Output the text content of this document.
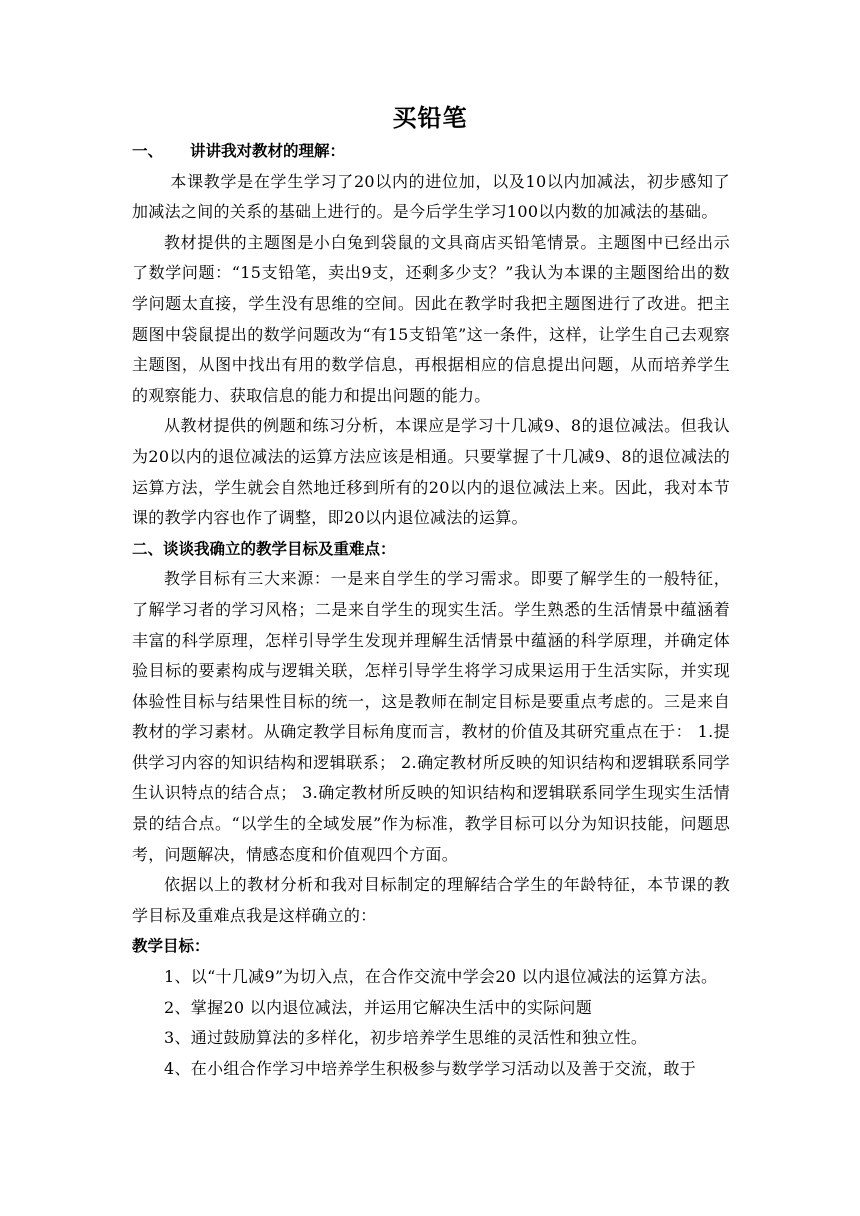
买铅笔

一、 讲讲我对教材的理解：

本课教学是在学生学习了20以内的进位加，以及10以内加减法，初步感知了加减法之间的关系的基础上进行的。是今后学生学习100以内数的加减法的基础。

教材提供的主题图是小白兔到袋鼠的文具商店买铅笔情景。主题图中已经出示了数学问题：“15支铅笔，卖出9支，还剩多少支？”我认为本课的主题图给出的数学问题太直接，学生没有思维的空间。因此在教学时我把主题图进行了改进。把主题图中袋鼠提出的数学问题改为“有15支铅笔”这一条件，这样，让学生自己去观察主题图，从图中找出有用的数学信息，再根据相应的信息提出问题，从而培养学生的观察能力、获取信息的能力和提出问题的能力。

从教材提供的例题和练习分析，本课应是学习十几减9、8的退位减法。但我认为20以内的退位减法的运算方法应该是相通。只要掌握了十几减9、8的退位减法的运算方法，学生就会自然地迁移到所有的20以内的退位减法上来。因此，我对本节课的教学内容也作了调整，即20以内退位减法的运算。

二、谈谈我确立的教学目标及重难点：

教学目标有三大来源：一是来自学生的学习需求。即要了解学生的一般特征，了解学习者的学习风格；二是来自学生的现实生活。学生熟悉的生活情景中蕴涵着丰富的科学原理，怎样引导学生发现并理解生活情景中蕴涵的科学原理，并确定体验目标的要素构成与逻辑关联，怎样引导学生将学习成果运用于生活实际，并实现体验性目标与结果性目标的统一，这是教师在制定目标是要重点考虑的。三是来自教材的学习素材。从确定教学目标角度而言，教材的价值及其研究重点在于： 1.提供学习内容的知识结构和逻辑联系； 2.确定教材所反映的知识结构和逻辑联系同学生认识特点的结合点； 3.确定教材所反映的知识结构和逻辑联系同学生现实生活情景的结合点。“以学生的全域发展”作为标准，教学目标可以分为知识技能，问题思考，问题解决，情感态度和价值观四个方面。

依据以上的教材分析和我对目标制定的理解结合学生的年龄特征，本节课的教学目标及重难点我是这样确立的：

教学目标：

1、以“十几减9”为切入点，在合作交流中学会20 以内退位减法的运算方法。

2、掌握20 以内退位减法，并运用它解决生活中的实际问题

3、通过鼓励算法的多样化，初步培养学生思维的灵活性和独立性。

4、在小组合作学习中培养学生积极参与数学学习活动以及善于交流，敢于
